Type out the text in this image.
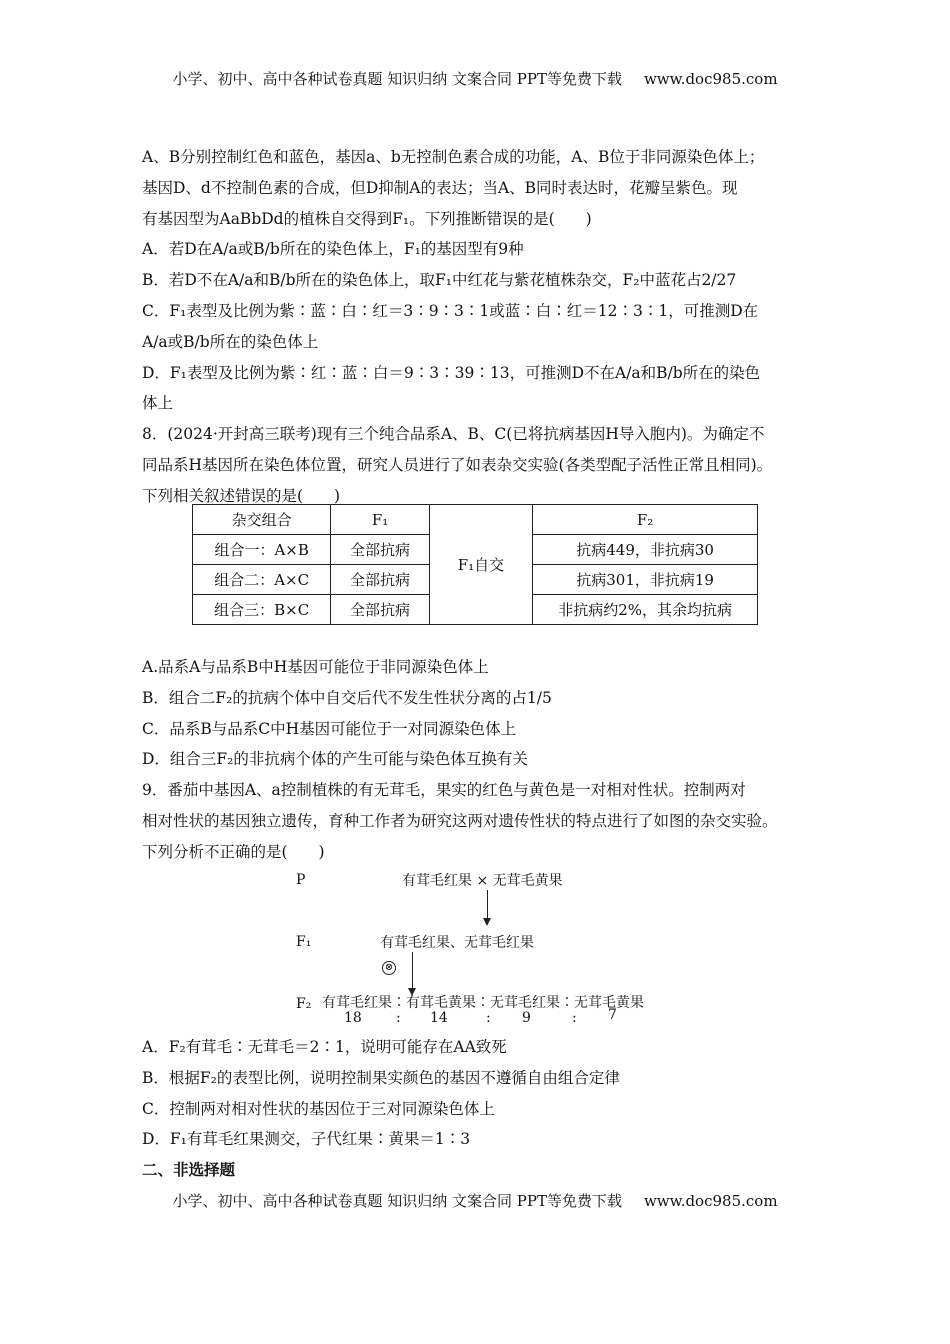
小学、初中、高中各种试卷真题 知识归纳 文案合同 PPT等免费下载 www.doc985.com
A、B分别控制红色和蓝色，基因a、b无控制色素合成的功能，A、B位于非同源染色体上；
基因D、d不控制色素的合成，但D抑制A的表达；当A、B同时表达时，花瓣呈紫色。现
有基因型为AaBbDd的植株自交得到F₁。下列推断错误的是(　　)
A．若D在A/a或B/b所在的染色体上，F₁的基因型有9种
B．若D不在A/a和B/b所在的染色体上，取F₁中红花与紫花植株杂交，F₂中蓝花占2/27
C．F₁表型及比例为紫∶蓝∶白∶红＝3∶9∶3∶1或蓝∶白∶红＝12∶3∶1，可推测D在
A/a或B/b所在的染色体上
D．F₁表型及比例为紫∶红∶蓝∶白＝9∶3∶39∶13，可推测D不在A/a和B/b所在的染色
体上
8．(2024·开封高三联考)现有三个纯合品系A、B、C(已将抗病基因H导入胞内)。为确定不
同品系H基因所在染色体位置，研究人员进行了如表杂交实验(各类型配子活性正常且相同)。
下列相关叙述错误的是(　　)
杂交组合	F₁	F₁自交	F₂
组合一：A×B	全部抗病		抗病449，非抗病30
组合二：A×C	全部抗病		抗病301，非抗病19
组合三：B×C	全部抗病		非抗病约2%，其余均抗病
A.品系A与品系B中H基因可能位于非同源染色体上
B．组合二F₂的抗病个体中自交后代不发生性状分离的占1/5
C．品系B与品系C中H基因可能位于一对同源染色体上
D．组合三F₂的非抗病个体的产生可能与染色体互换有关
9．番茄中基因A、a控制植株的有无茸毛，果实的红色与黄色是一对相对性状。控制两对
相对性状的基因独立遗传，育种工作者为研究这两对遗传性状的特点进行了如图的杂交实验。
下列分析不正确的是(　　)
P	有茸毛红果 × 无茸毛黄果
F₁	有茸毛红果、无茸毛红果
⊗
F₂ 有茸毛红果∶有茸毛黄果∶无茸毛红果∶无茸毛黄果
18 : 14	: 9	: 7
A．F₂有茸毛∶无茸毛＝2∶1，说明可能存在AA致死
B．根据F₂的表型比例，说明控制果实颜色的基因不遵循自由组合定律
C．控制两对相对性状的基因位于三对同源染色体上
D．F₁有茸毛红果测交，子代红果∶黄果＝1∶3
二、非选择题
小学、初中、高中各种试卷真题 知识归纳 文案合同 PPT等免费下载 www.doc985.com
